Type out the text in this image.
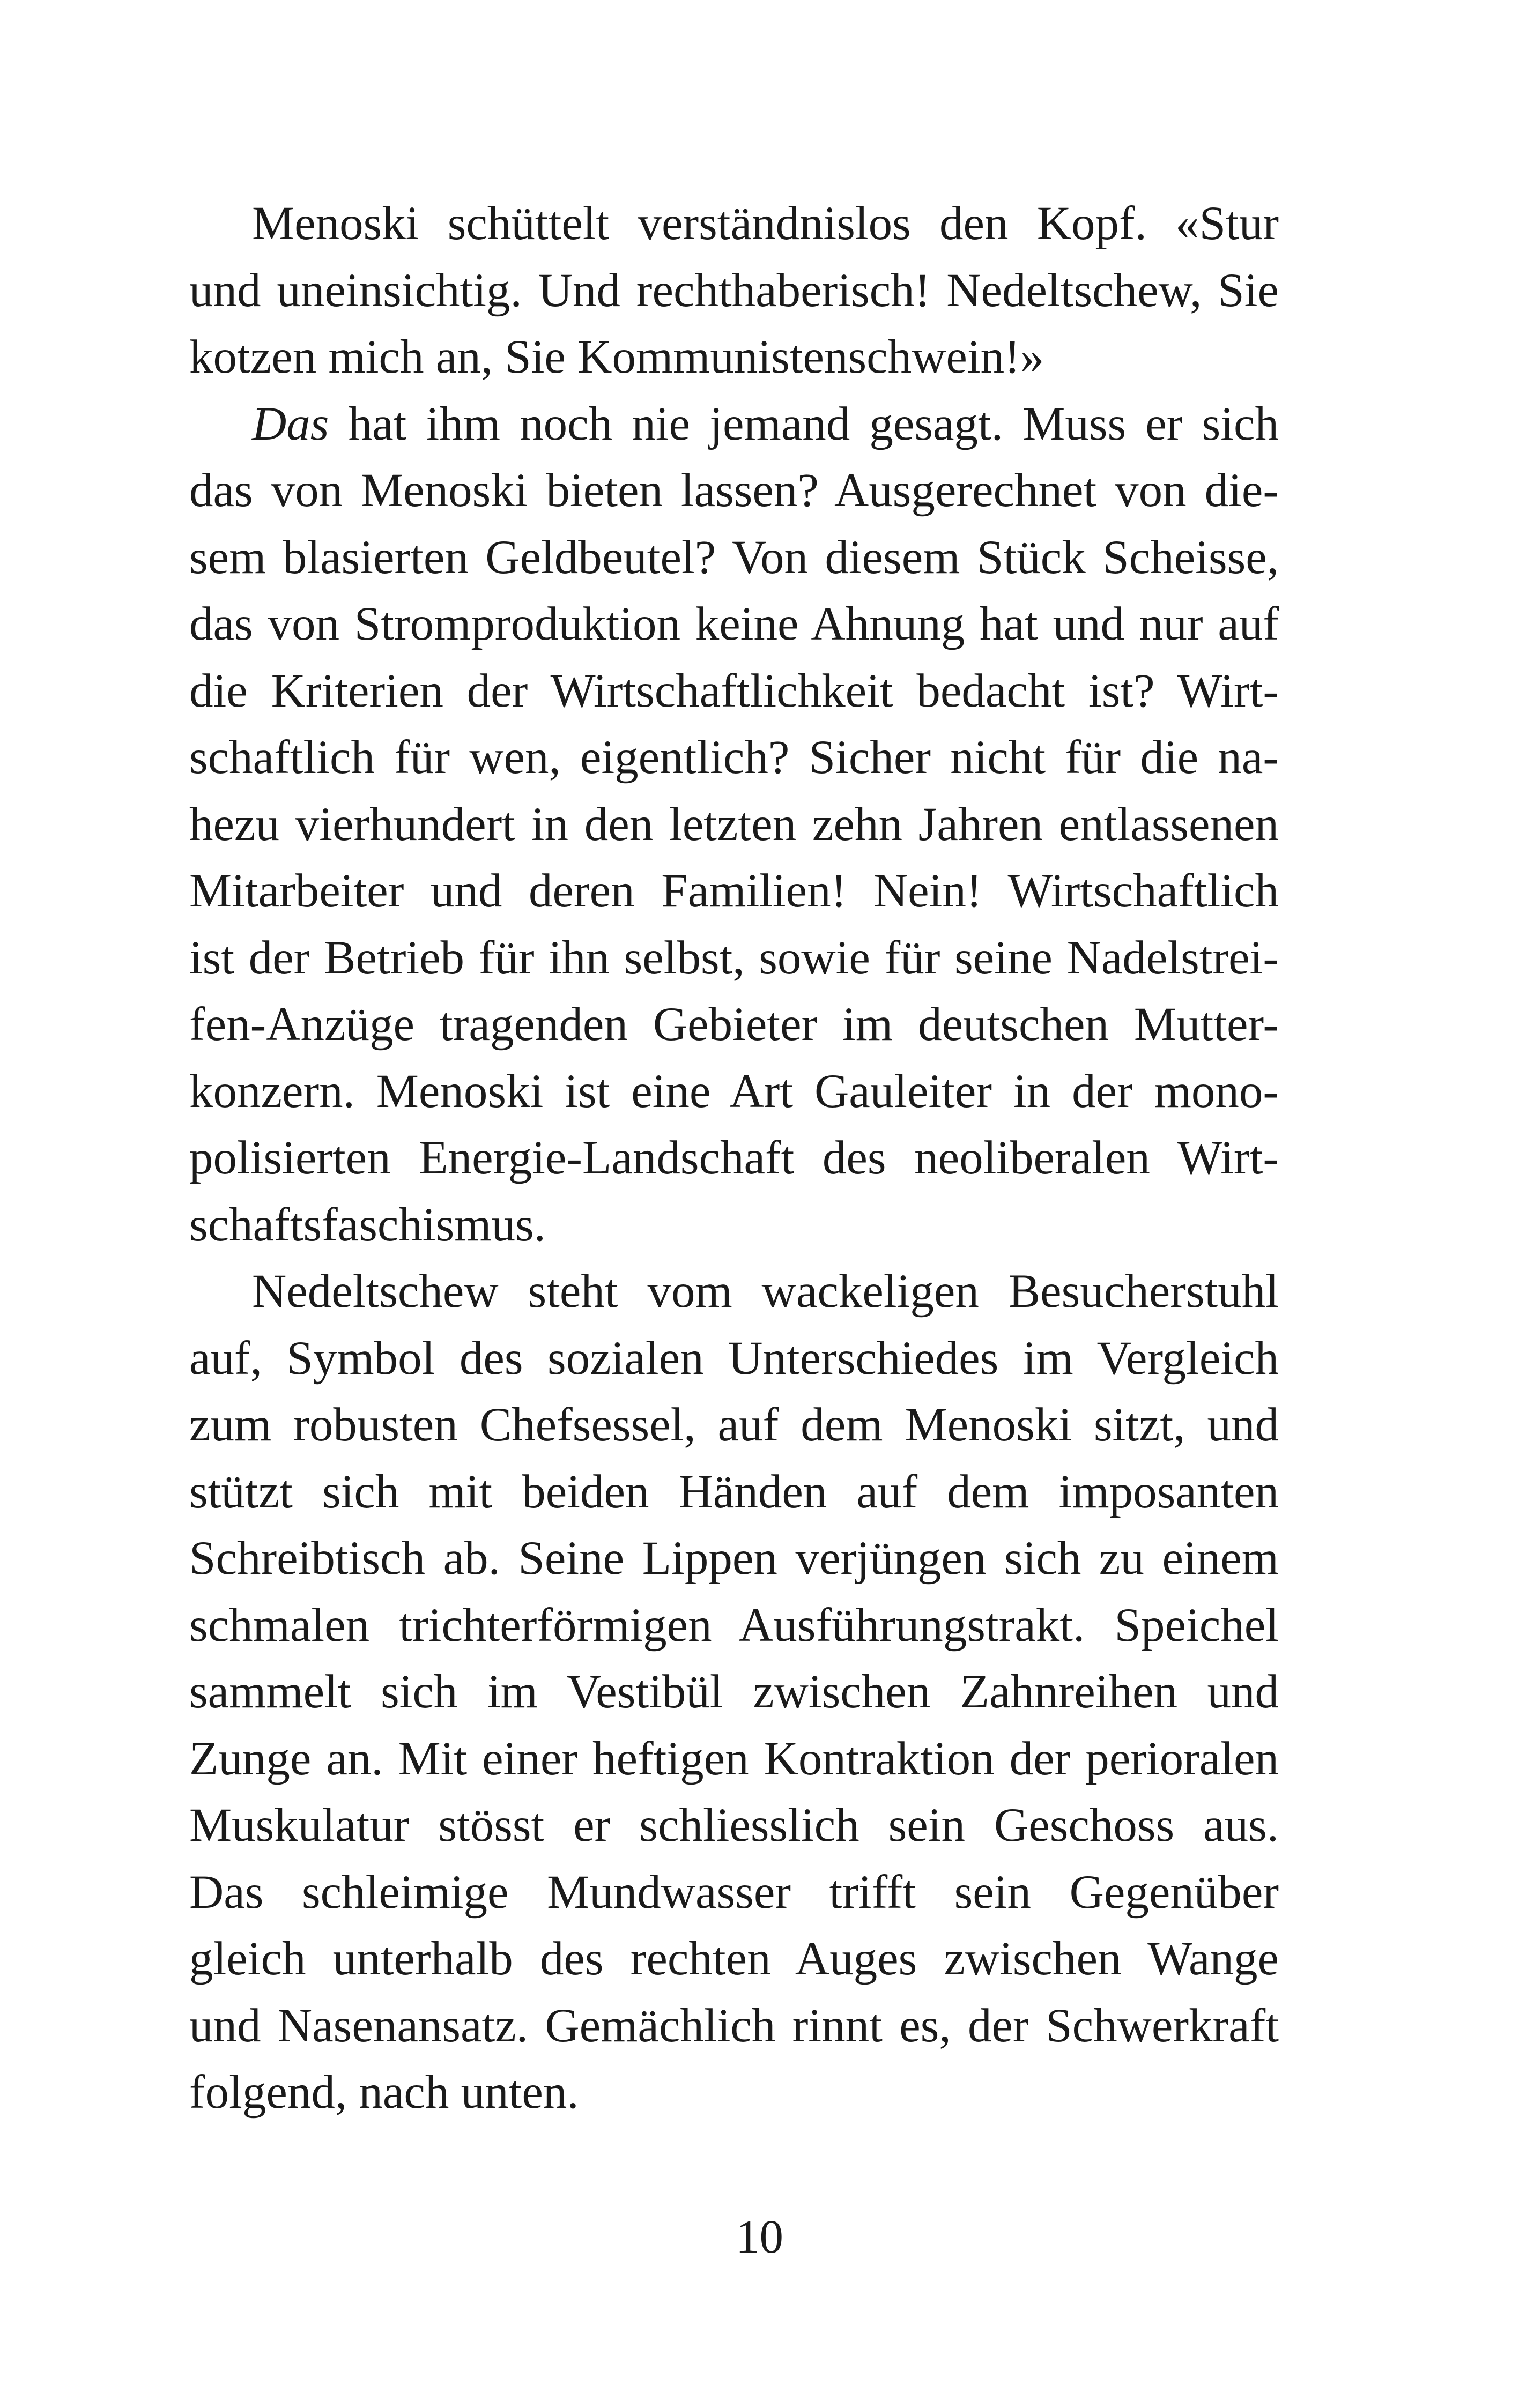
Menoski schüttelt verständnislos den Kopf. «Stur
und uneinsichtig. Und rechthaberisch! Nedeltschew, Sie
kotzen mich an, Sie Kommunistenschwein!»
Das hat ihm noch nie jemand gesagt. Muss er sich
das von Menoski bieten lassen? Ausgerechnet von die-
sem blasierten Geldbeutel? Von diesem Stück Scheisse,
das von Stromproduktion keine Ahnung hat und nur auf
die Kriterien der Wirtschaftlichkeit bedacht ist? Wirt-
schaftlich für wen, eigentlich? Sicher nicht für die na-
hezu vierhundert in den letzten zehn Jahren entlassenen
Mitarbeiter und deren Familien! Nein! Wirtschaftlich
ist der Betrieb für ihn selbst, sowie für seine Nadelstrei-
fen-Anzüge tragenden Gebieter im deutschen Mutter-
konzern. Menoski ist eine Art Gauleiter in der mono-
polisierten Energie-Landschaft des neoliberalen Wirt-
schaftsfaschismus.
Nedeltschew steht vom wackeligen Besucherstuhl
auf, Symbol des sozialen Unterschiedes im Vergleich
zum robusten Chefsessel, auf dem Menoski sitzt, und
stützt sich mit beiden Händen auf dem imposanten
Schreibtisch ab. Seine Lippen verjüngen sich zu einem
schmalen trichterförmigen Ausführungstrakt. Speichel
sammelt sich im Vestibül zwischen Zahnreihen und
Zunge an. Mit einer heftigen Kontraktion der perioralen
Muskulatur stösst er schliesslich sein Geschoss aus.
Das schleimige Mundwasser trifft sein Gegenüber
gleich unterhalb des rechten Auges zwischen Wange
und Nasenansatz. Gemächlich rinnt es, der Schwerkraft
folgend, nach unten.
10
